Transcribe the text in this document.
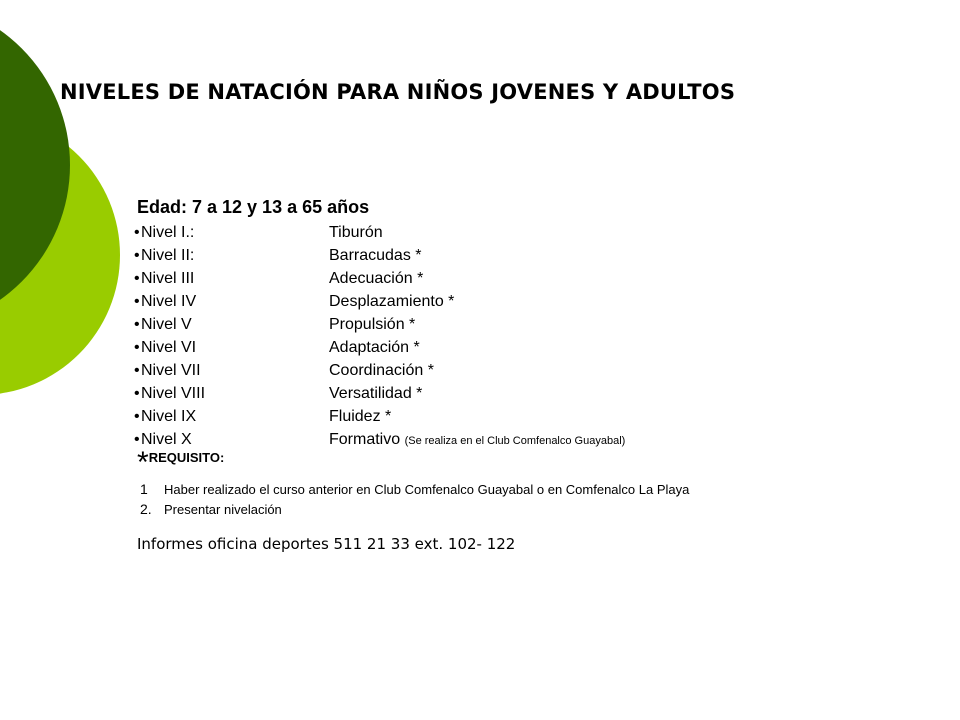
NIVELES DE NATACIÓN PARA NIÑOS JOVENES Y ADULTOS
Edad: 7 a 12 y 13 a 65 años
•Nivel I.:	Tiburón
•Nivel II:	Barracudas *
•Nivel III	Adecuación *
•Nivel IV	Desplazamiento *
•Nivel V	Propulsión *
•Nivel VI	Adaptación *
•Nivel VII	Coordinación *
•Nivel VIII	Versatilidad *
•Nivel IX	Fluidez *
•Nivel X	Formativo (Se realiza en el Club Comfenalco Guayabal)
*REQUISITO:
1 Haber realizado el curso anterior en Club Comfenalco Guayabal o en Comfenalco La Playa
2. Presentar nivelación
Informes oficina deportes 511 21 33 ext. 102- 122
